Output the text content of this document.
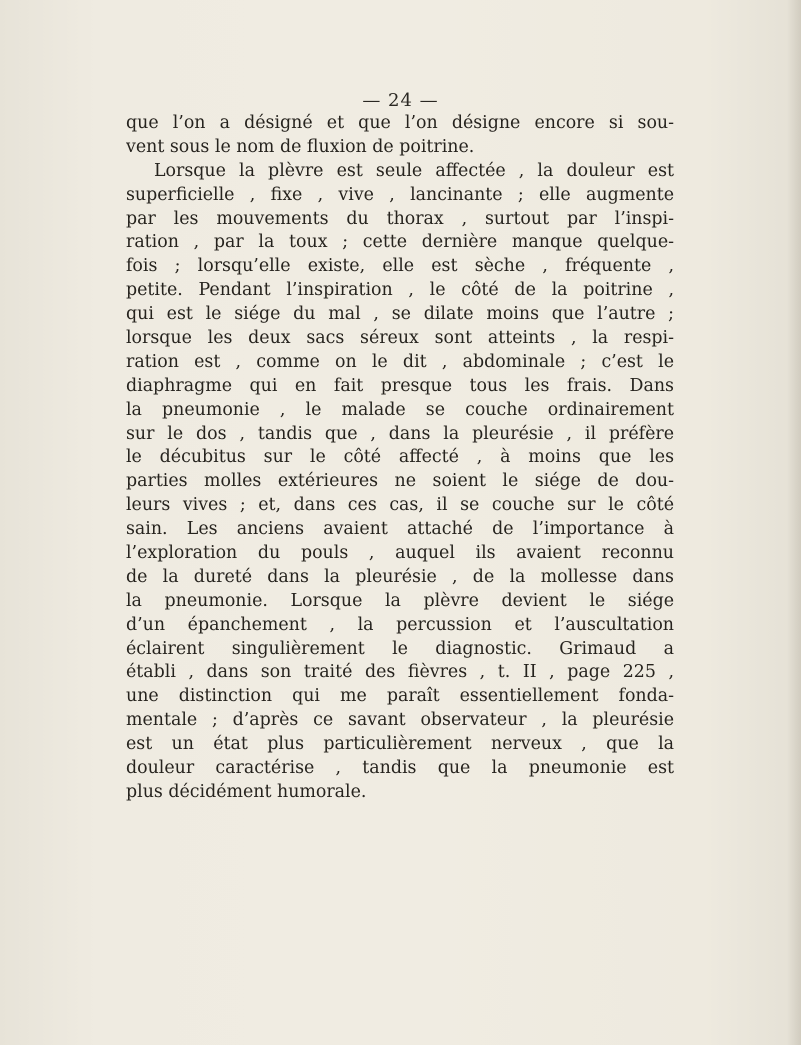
— 24 —
que l’on a désigné et que l’on désigne encore si sou-
vent sous le nom de fluxion de poitrine.
Lorsque la plèvre est seule affectée , la douleur est
superficielle , fixe , vive , lancinante ; elle augmente
par les mouvements du thorax , surtout par l’inspi-
ration , par la toux ; cette dernière manque quelque-
fois ; lorsqu’elle existe, elle est sèche , fréquente ,
petite. Pendant l’inspiration , le côté de la poitrine ,
qui est le siége du mal , se dilate moins que l’autre ;
lorsque les deux sacs séreux sont atteints , la respi-
ration est , comme on le dit , abdominale ; c’est le
diaphragme qui en fait presque tous les frais. Dans
la pneumonie , le malade se couche ordinairement
sur le dos , tandis que , dans la pleurésie , il préfère
le décubitus sur le côté affecté , à moins que les
parties molles extérieures ne soient le siége de dou-
leurs vives ; et, dans ces cas, il se couche sur le côté
sain. Les anciens avaient attaché de l’importance à
l’exploration du pouls , auquel ils avaient reconnu
de la dureté dans la pleurésie , de la mollesse dans
la pneumonie. Lorsque la plèvre devient le siége
d’un épanchement , la percussion et l’auscultation
éclairent singulièrement le diagnostic. Grimaud a
établi , dans son traité des fièvres , t. II , page 225 ,
une distinction qui me paraît essentiellement fonda-
mentale ; d’après ce savant observateur , la pleurésie
est un état plus particulièrement nerveux , que la
douleur caractérise , tandis que la pneumonie est
plus décidément humorale.
